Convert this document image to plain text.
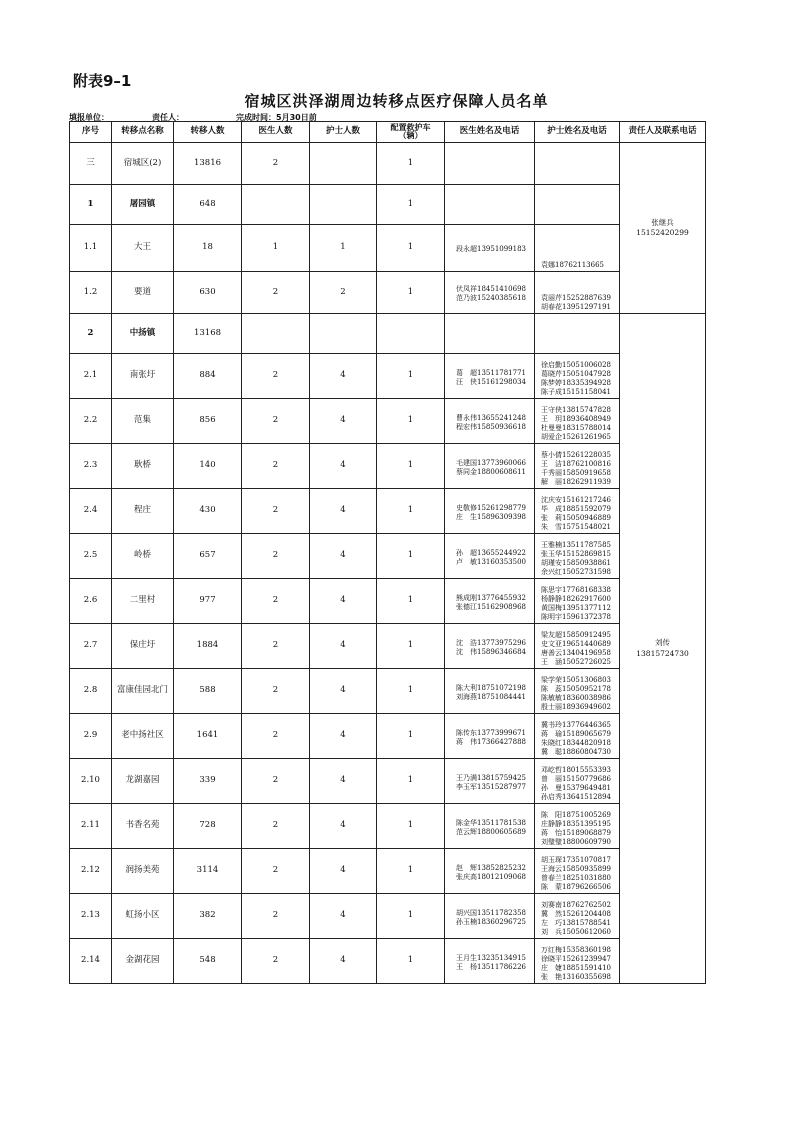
附表9–1
宿城区洪泽湖周边转移点医疗保障人员名单
填报单位：	责任人：	完成时间：5月30日前
序号	转移点名称	转移人数	医生人数	护士人数	配置救护车
（辆）	医生姓名及电话	护士姓名及电话	责任人及联系电话
三	宿城区(2)	13816	2		1			张继兵
15152420299
1	屠园镇	648			1			
1.1	大王	18	1	1	1	段永超13951099183	袁娜18762113665	
1.2	要道	630	2	2	1	伏凤祥18451410698
范乃波15240385618	袁丽芹15252887639
胡春花13951297191	
2	中扬镇	13168						刘传
13815724730
2.1	南张圩	884	2	4	1	葛　超13511781771
汪　侠15161298034	徐启勤15051006028
葛晓芹15051047928
陈梦婷18335394928
陈子成15151158041	
2.2	范集	856	2	4	1	曹永伟13655241248
程宏伟15850936618	王守侠13815747828
王　玥18936408949
杜曼曼18315788014
胡爱企15261261965	
2.3	耿桥	140	2	4	1	毛建国13773960066
蔡同金18800608611	蔡小倩15261228035
王　洁18762100816
千秀丽15850919658
解　丽18262911939	
2.4	程庄	430	2	4	1	史敬修15261298779
庄　生15896309398	沈庆安15161217246
毕　成18851592079
张　莉15050946889
朱　雪15751548021	
2.5	岭桥	657	2	4	1	孙　超13655244922
卢　敏13160353500	王雅楠13511787585
张玉华15152869815
胡瑾安15850938861
余兴红15052731598	
2.6	二里村	977	2	4	1	熊成刚13776455932
张德江15162908968	陈思宇17768168338
杨静静18262917600
黄国梅13951377112
陈明宇15961372378	
2.7	保庄圩	1884	2	4	1	沈　浩13773975296
沈　伟15896346684	梁友超15850912495
史文亚19651440689
唐善云13404196958
王　涵15052726025	
2.8	富康佳园北门	588	2	4	1	陈大利18751072198
刘海燕18751084441	梁学荣15051306803
陈　蕊15050952178
陈敏敏18360038986
殷士丽18936949602	
2.9	老中扬社区	1641	2	4	1	陈传东13773999671
蒋　伟17366427888	冀书玲13776446365
蒋　瑜15189065679
朱晓红18344820918
冀　聪18860804730	
2.10	龙湖嘉园	339	2	4	1	王乃满13815759425
李玉军13515287977	邓屹哲18015553393
曾　丽15150779686
孙　曼15379649481
孙启秀13641512894	
2.11	书香名苑	728	2	4	1	陈金华13511781538
范云辉18800605689	陈　阳18751005269
庄静静18351395195
蒋　怡15189068879
刘璧璧18800609790	
2.12	润扬美苑	3114	2	4	1	赵　辉13852825232
张庆高18012109068	胡玉琛17351070817
王海云15850935899
曾春兰18251031880
陈　蒙18796266506	
2.13	虹扬小区	382	2	4	1	胡兴国13511782358
孙玉楠18360296725	刘赛南18762762502
冀　然15261204408
左　巧13815788541
刘　兵15050612060	
2.14	金湖花园	548	2	4	1	王月生13235134915
王　杨13511786226	万红梅15358360198
徐晓平15261239947
庄　婕18851591410
张　艳13160355698	
